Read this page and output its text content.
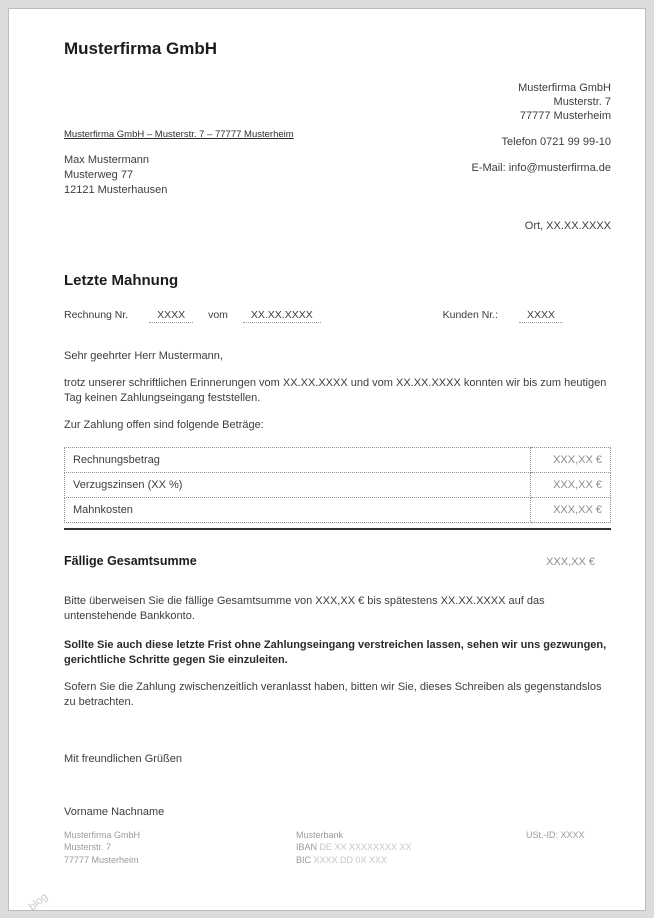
Musterfirma GmbH
Musterfirma GmbH – Musterstr. 7 – 77777 Musterheim
Max Mustermann
Musterweg 77
12121 Musterhausen
Musterfirma GmbH
Musterstr. 7
77777 Musterheim
Telefon 0721 99 99-10
E-Mail: info@musterfirma.de
Ort, XX.XX.XXXX
Letzte Mahnung
Rechnung Nr.	XXXX vom XX.XX.XXXX	Kunden Nr.:	XXXX
Sehr geehrter Herr Mustermann,
trotz unserer schriftlichen Erinnerungen vom XX.XX.XXXX und vom XX.XX.XXXX konnten wir bis zum heutigen Tag keinen Zahlungseingang feststellen.
Zur Zahlung offen sind folgende Beträge:
Rechnungsbetrag	XXX,XX €
Verzugszinsen (XX %)	XXX,XX €
Mahnkosten	XXX,XX €
Fällige Gesamtsumme	XXX,XX €
Bitte überweisen Sie die fällige Gesamtsumme von XXX,XX € bis spätestens XX.XX.XXXX auf das untenstehende Bankkonto.
Sollte Sie auch diese letzte Frist ohne Zahlungseingang verstreichen lassen, sehen wir uns gezwungen, gerichtliche Schritte gegen Sie einzuleiten.
Sofern Sie die Zahlung zwischenzeitlich veranlasst haben, bitten wir Sie, dieses Schreiben als gegenstandslos zu betrachten.
Mit freundlichen Grüßen
Vorname Nachname
Musterfirma GmbH
Musterstr. 7
77777 Musterheim
Musterbank
IBAN DE XX XXXXXXXX XX
BIC XXXX DD 0X XXX
USt.-ID: XXXX
blog
